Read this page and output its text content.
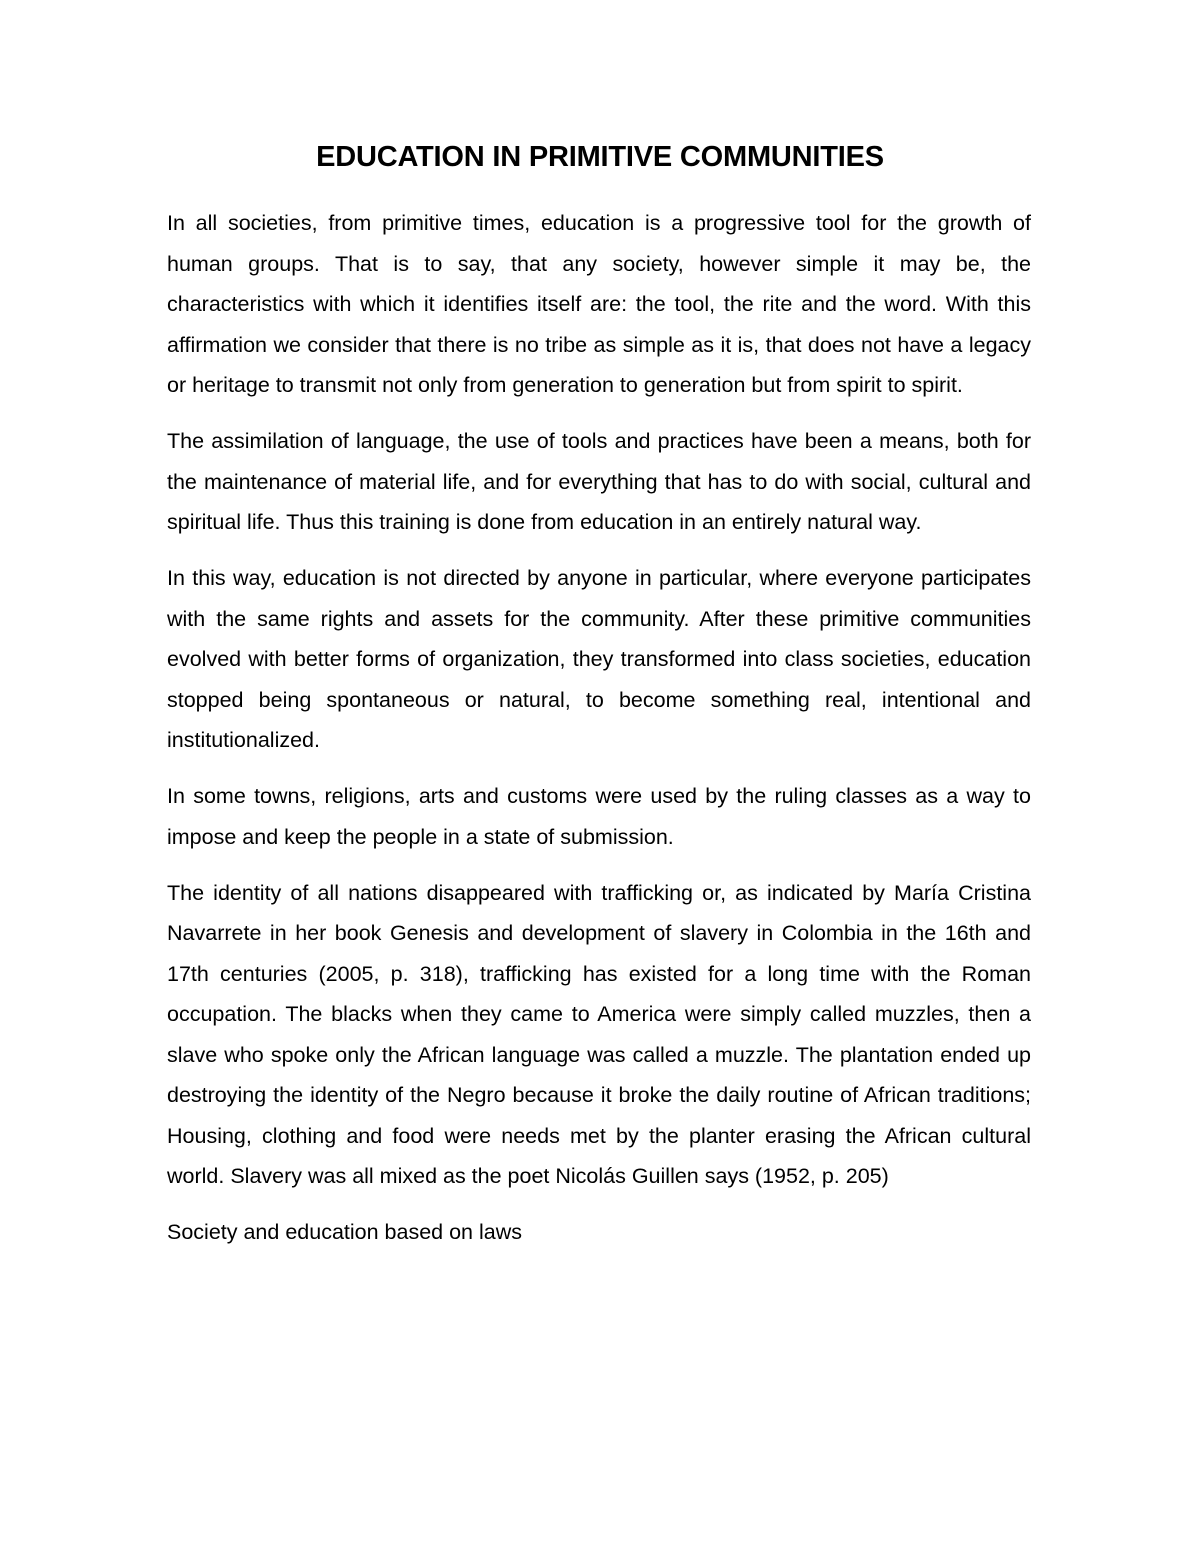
EDUCATION IN PRIMITIVE COMMUNITIES

In all societies, from primitive times, education is a progressive tool for the growth of human groups. That is to say, that any society, however simple it may be, the characteristics with which it identifies itself are: the tool, the rite and the word. With this affirmation we consider that there is no tribe as simple as it is, that does not have a legacy or heritage to transmit not only from generation to generation but from spirit to spirit.

The assimilation of language, the use of tools and practices have been a means, both for the maintenance of material life, and for everything that has to do with social, cultural and spiritual life. Thus this training is done from education in an entirely natural way.

In this way, education is not directed by anyone in particular, where everyone participates with the same rights and assets for the community. After these primitive communities evolved with better forms of organization, they transformed into class societies, education stopped being spontaneous or natural, to become something real, intentional and institutionalized.

In some towns, religions, arts and customs were used by the ruling classes as a way to impose and keep the people in a state of submission.

The identity of all nations disappeared with trafficking or, as indicated by María Cristina Navarrete in her book Genesis and development of slavery in Colombia in the 16th and 17th centuries (2005, p. 318), trafficking has existed for a long time with the Roman occupation. The blacks when they came to America were simply called muzzles, then a slave who spoke only the African language was called a muzzle. The plantation ended up destroying the identity of the Negro because it broke the daily routine of African traditions; Housing, clothing and food were needs met by the planter erasing the African cultural world. Slavery was all mixed as the poet Nicolás Guillen says (1952, p. 205)

Society and education based on laws
